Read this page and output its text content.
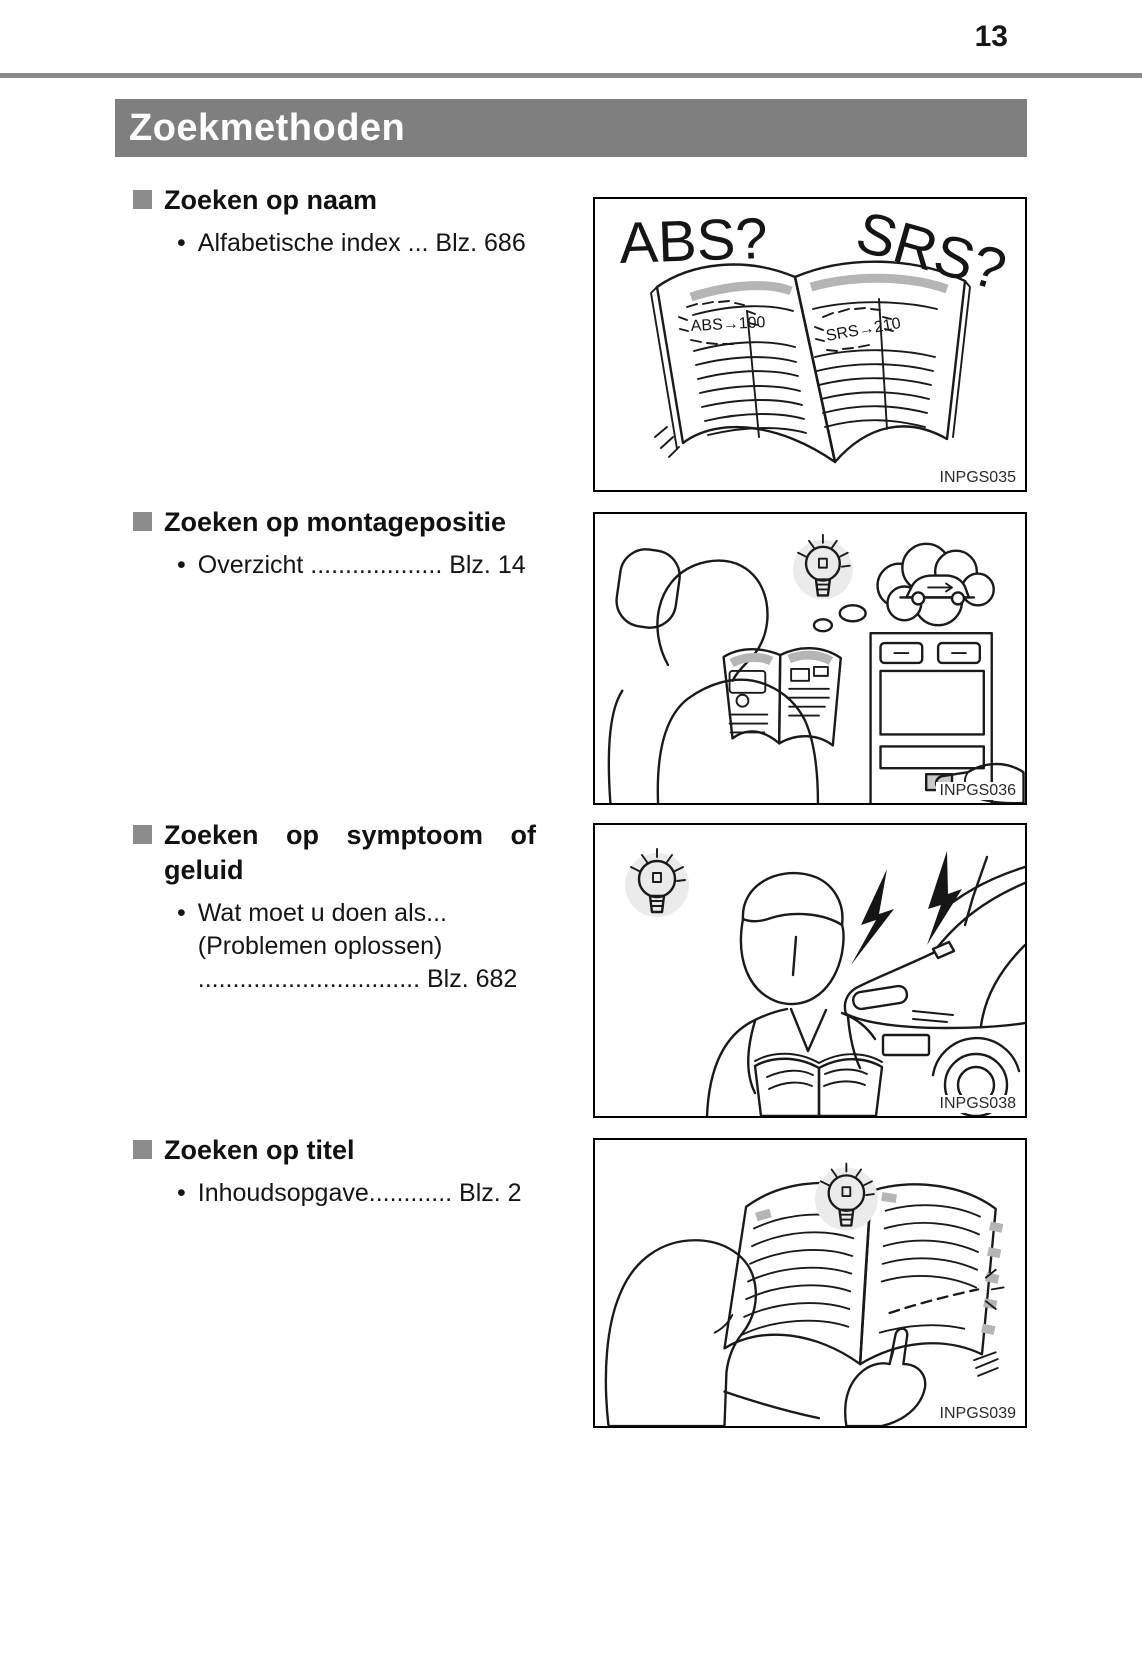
13
Zoekmethoden
Zoeken op naam
• Alfabetische index ... Blz. 686
Zoeken op montagepositie
• Overzicht ................... Blz. 14
Zoeken op symptoom of geluid
• Wat moet u doen als...
(Problemen oplossen)
................................ Blz. 682
Zoeken op titel
• Inhoudsopgave............ Blz. 2
ABS→100	SRS→210
ABS? SRS?
INPGS035
INPGS036
INPGS038
INPGS039
